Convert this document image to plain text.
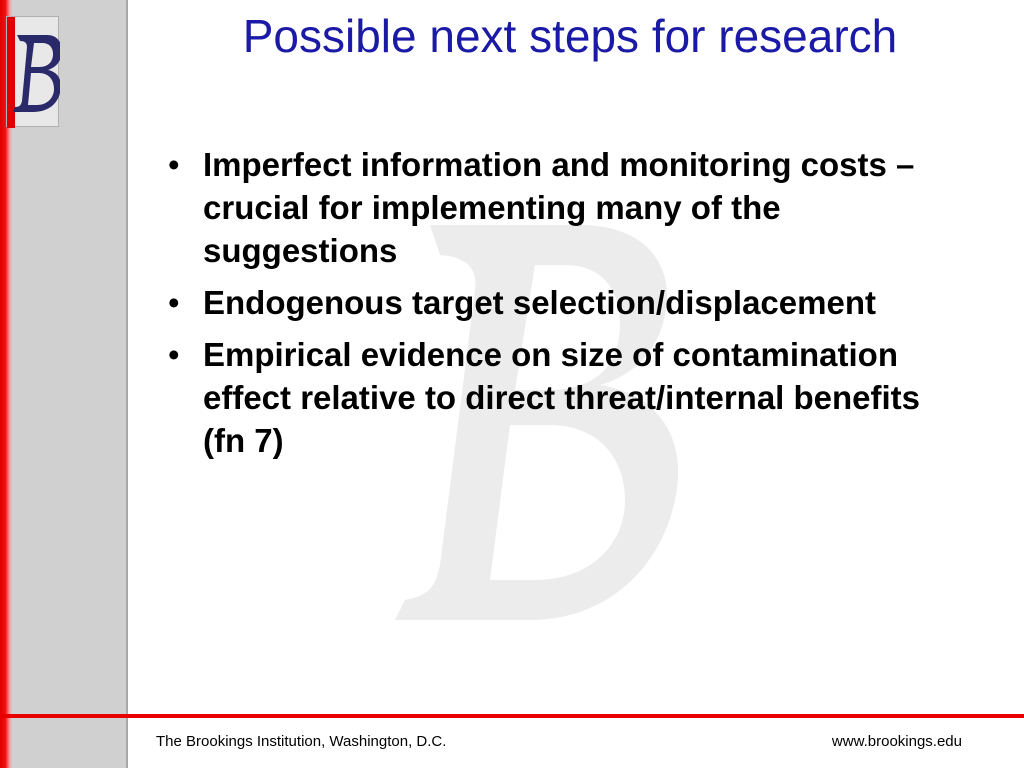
Possible next steps for research
• Imperfect information and monitoring costs – crucial for implementing many of the suggestions
• Endogenous target selection/displacement
• Empirical evidence on size of contamination effect relative to direct threat/internal benefits (fn 7)
The Brookings Institution, Washington, D.C.	www.brookings.edu
